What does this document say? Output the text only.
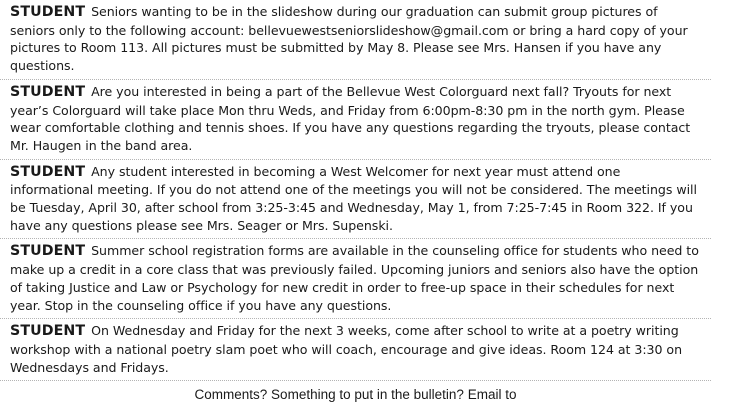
STUDENT Seniors wanting to be in the slideshow during our graduation can submit group pictures of seniors only to the following account: bellevuewestseniorslideshow@gmail.com or bring a hard copy of your pictures to Room 113. All pictures must be submitted by May 8. Please see Mrs. Hansen if you have any questions.
STUDENT Are you interested in being a part of the Bellevue West Colorguard next fall? Tryouts for next year’s Colorguard will take place Mon thru Weds, and Friday from 6:00pm-8:30 pm in the north gym. Please wear comfortable clothing and tennis shoes. If you have any questions regarding the tryouts, please contact Mr. Haugen in the band area.
STUDENT Any student interested in becoming a West Welcomer for next year must attend one informational meeting. If you do not attend one of the meetings you will not be considered. The meetings will be Tuesday, April 30, after school from 3:25-3:45 and Wednesday, May 1, from 7:25-7:45 in Room 322. If you have any questions please see Mrs. Seager or Mrs. Supenski.
STUDENT Summer school registration forms are available in the counseling office for students who need to make up a credit in a core class that was previously failed. Upcoming juniors and seniors also have the option of taking Justice and Law or Psychology for new credit in order to free-up space in their schedules for next year. Stop in the counseling office if you have any questions.
STUDENT On Wednesday and Friday for the next 3 weeks, come after school to write at a poetry writing workshop with a national poetry slam poet who will coach, encourage and give ideas. Room 124 at 3:30 on Wednesdays and Fridays.
Comments? Something to put in the bulletin? Email to
